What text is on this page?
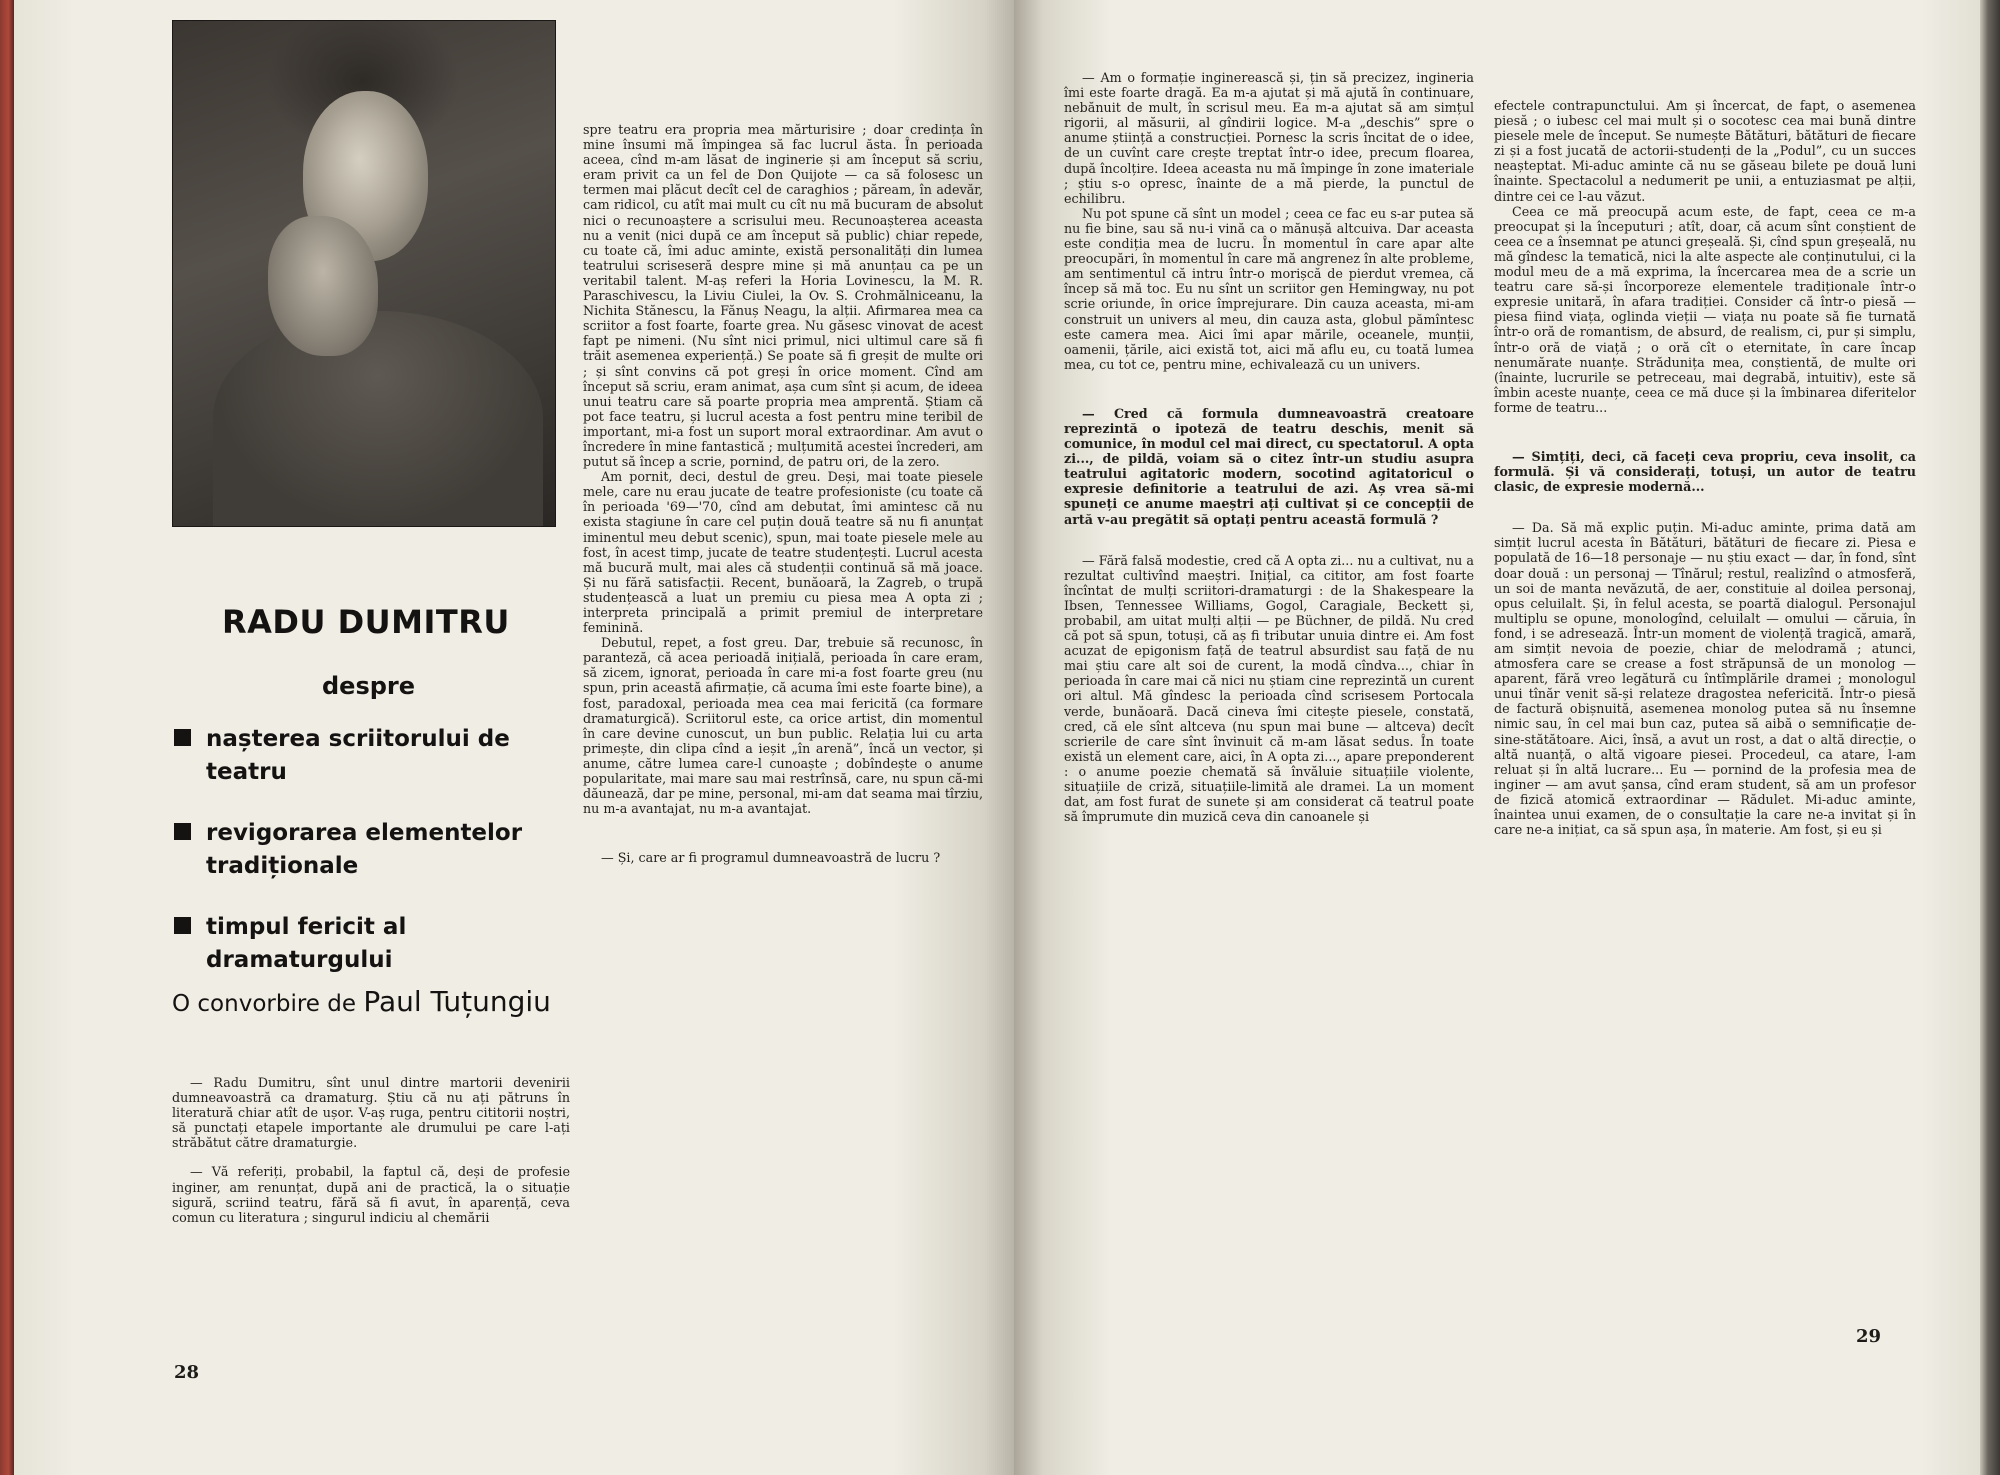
RADU DUMITRU
despre
nașterea scriitorului de teatru
revigorarea elementelor tradiționale
timpul fericit al dramaturgului
O convorbire de Paul Tuțungiu

— Radu Dumitru, sînt unul dintre martorii devenirii dumneavoastră ca dramaturg. Știu că nu ați pătruns în literatură chiar atît de ușor. V-aș ruga, pentru cititorii noștri, să punctați etapele importante ale drumului pe care l-ați străbătut către dramaturgie.

— Vă referiți, probabil, la faptul că, deși de profesie inginer, am renunțat, după ani de practică, la o situație sigură, scriind teatru, fără să fi avut, în aparență, ceva comun cu literatura ; singurul indiciu al chemării

spre teatru era propria mea mărturisire ; doar credința în mine însumi mă împingea să fac lucrul ăsta. În perioada aceea, cînd m-am lăsat de inginerie și am început să scriu, eram privit ca un fel de Don Quijote — ca să folosesc un termen mai plăcut decît cel de caraghios ; păream, în adevăr, cam ridicol, cu atît mai mult cu cît nu mă bucuram de absolut nici o recunoaștere a scrisului meu. Recunoașterea aceasta nu a venit (nici după ce am început să public) chiar repede, cu toate că, îmi aduc aminte, există personalități din lumea teatrului scriseseră despre mine și mă anunțau ca pe un veritabil talent. M-aș referi la Horia Lovinescu, la M. R. Paraschivescu, la Liviu Ciulei, la Ov. S. Crohmălniceanu, la Nichita Stănescu, la Fănuș Neagu, la alții. Afirmarea mea ca scriitor a fost foarte, foarte grea. Nu găsesc vinovat de acest fapt pe nimeni. (Nu sînt nici primul, nici ultimul care să fi trăit asemenea experiență.) Se poate să fi greșit de multe ori ; și sînt convins că pot greși în orice moment. Cînd am început să scriu, eram animat, așa cum sînt și acum, de ideea unui teatru care să poarte propria mea amprentă. Știam că pot face teatru, și lucrul acesta a fost pentru mine teribil de important, mi-a fost un suport moral extraordinar. Am avut o încredere în mine fantastică ; mulțumită acestei încrederi, am putut să încep a scrie, pornind, de patru ori, de la zero.

Am pornit, deci, destul de greu. Deși, mai toate piesele mele, care nu erau jucate de teatre profesioniste (cu toate că în perioada '69—'70, cînd am debutat, îmi amintesc că nu exista stagiune în care cel puțin două teatre să nu fi anunțat iminentul meu debut scenic), spun, mai toate piesele mele au fost, în acest timp, jucate de teatre studențești. Lucrul acesta mă bucură mult, mai ales că studenții continuă să mă joace. Și nu fără satisfacții. Recent, bunăoară, la Zagreb, o trupă studențească a luat un premiu cu piesa mea A opta zi ; interpreta principală a primit premiul de interpretare feminină.

Debutul, repet, a fost greu. Dar, trebuie să recunosc, în paranteză, că acea perioadă inițială, perioada în care eram, să zicem, ignorat, perioada în care mi-a fost foarte greu (nu spun, prin această afirmație, că acuma îmi este foarte bine), a fost, paradoxal, perioada mea cea mai fericită (ca formare dramaturgică). Scriitorul este, ca orice artist, din momentul în care devine cunoscut, un bun public. Relația lui cu arta primește, din clipa cînd a ieșit „în arenă”, încă un vector, și anume, către lumea care-l cunoaște ; dobîndește o anume popularitate, mai mare sau mai restrînsă, care, nu spun că-mi dăunează, dar pe mine, personal, mi-am dat seama mai tîrziu, nu m-a avantajat, nu m-a avantajat.

— Și, care ar fi programul dumneavoastră de lucru ?

28

— Am o formație inginerească și, țin să precizez, ingineria îmi este foarte dragă. Ea m-a ajutat și mă ajută în continuare, nebănuit de mult, în scrisul meu. Ea m-a ajutat să am simțul rigorii, al măsurii, al gîndirii logice. M-a „deschis” spre o anume știință a construcției. Pornesc la scris încitat de o idee, de un cuvînt care crește treptat într-o idee, precum floarea, după încolțire. Ideea aceasta nu mă împinge în zone imateriale ; știu s-o opresc, înainte de a mă pierde, la punctul de echilibru.

Nu pot spune că sînt un model ; ceea ce fac eu s-ar putea să nu fie bine, sau să nu-i vină ca o mănușă altcuiva. Dar aceasta este condiția mea de lucru. În momentul în care apar alte preocupări, în momentul în care mă angrenez în alte probleme, am sentimentul că intru într-o morișcă de pierdut vremea, că încep să mă toc. Eu nu sînt un scriitor gen Hemingway, nu pot scrie oriunde, în orice împrejurare. Din cauza aceasta, mi-am construit un univers al meu, din cauza asta, globul pămîntesc este camera mea. Aici îmi apar mările, oceanele, munții, oamenii, țările, aici există tot, aici mă aflu eu, cu toată lumea mea, cu tot ce, pentru mine, echivalează cu un univers.

— Cred că formula dumneavoastră creatoare reprezintă o ipoteză de teatru deschis, menit să comunice, în modul cel mai direct, cu spectatorul. A opta zi..., de pildă, voiam să o citez într-un studiu asupra teatrului agitatoric modern, socotind agitatoricul o expresie definitorie a teatrului de azi. Aș vrea să-mi spuneți ce anume maeștri ați cultivat și ce concepții de artă v-au pregătit să optați pentru această formulă ?

— Fără falsă modestie, cred că A opta zi... nu a cultivat, nu a rezultat cultivînd maeștri. Inițial, ca cititor, am fost foarte încîntat de mulți scriitori-dramaturgi : de la Shakespeare la Ibsen, Tennessee Williams, Gogol, Caragiale, Beckett și, probabil, am uitat mulți alții — pe Büchner, de pildă. Nu cred că pot să spun, totuși, că aș fi tributar unuia dintre ei. Am fost acuzat de epigonism față de teatrul absurdist sau față de nu mai știu care alt soi de curent, la modă cîndva..., chiar în perioada în care mai că nici nu știam cine reprezintă un curent ori altul. Mă gîndesc la perioada cînd scrisesem Portocala verde, bunăoară. Dacă cineva îmi citește piesele, constată, cred, că ele sînt altceva (nu spun mai bune — altceva) decît scrierile de care sînt învinuit că m-am lăsat sedus. În toate există un element care, aici, în A opta zi..., apare preponderent : o anume poezie chemată să învăluie situațiile violente, situațiile de criză, situațiile-limită ale dramei. La un moment dat, am fost furat de sunete și am considerat că teatrul poate să împrumute din muzică ceva din canoanele și

efectele contrapunctului. Am și încercat, de fapt, o asemenea piesă ; o iubesc cel mai mult și o socotesc cea mai bună dintre piesele mele de început. Se numește Bătături, bătături de fiecare zi și a fost jucată de actorii-studenți de la „Podul”, cu un succes neașteptat. Mi-aduc aminte că nu se găseau bilete pe două luni înainte. Spectacolul a nedumerit pe unii, a entuziasmat pe alții, dintre cei ce l-au văzut.

Ceea ce mă preocupă acum este, de fapt, ceea ce m-a preocupat și la începuturi ; atît, doar, că acum sînt conștient de ceea ce a însemnat pe atunci greșeală. Și, cînd spun greșeală, nu mă gîndesc la tematică, nici la alte aspecte ale conținutului, ci la modul meu de a mă exprima, la încercarea mea de a scrie un teatru care să-și încorporeze elementele tradiționale într-o expresie unitară, în afara tradiției. Consider că într-o piesă — piesa fiind viața, oglinda vieții — viața nu poate să fie turnată într-o oră de romantism, de absurd, de realism, ci, pur și simplu, într-o oră de viață ; o oră cît o eternitate, în care încap nenumărate nuanțe. Strădunița mea, conștientă, de multe ori (înainte, lucrurile se petreceau, mai degrabă, intuitiv), este să îmbin aceste nuanțe, ceea ce mă duce și la îmbinarea diferitelor forme de teatru...

— Simțiți, deci, că faceți ceva propriu, ceva insolit, ca formulă. Și vă considerați, totuși, un autor de teatru clasic, de expresie modernă...

— Da. Să mă explic puțin. Mi-aduc aminte, prima dată am simțit lucrul acesta în Bătături, bătături de fiecare zi. Piesa e populată de 16—18 personaje — nu știu exact — dar, în fond, sînt doar două : un personaj — Tînărul; restul, realizînd o atmosferă, un soi de manta nevăzută, de aer, constituie al doilea personaj, opus celuilalt. Și, în felul acesta, se poartă dialogul. Personajul multiplu se opune, monologînd, celuilalt — omului — căruia, în fond, i se adresează. Într-un moment de violență tragică, amară, am simțit nevoia de poezie, chiar de melodramă ; atunci, atmosfera care se crease a fost străpunsă de un monolog — aparent, fără vreo legătură cu întîmplările dramei ; monologul unui tînăr venit să-și relateze dragostea nefericită. Într-o piesă de factură obișnuită, asemenea monolog putea să nu însemne nimic sau, în cel mai bun caz, putea să aibă o semnificație de-sine-stătătoare. Aici, însă, a avut un rost, a dat o altă direcție, o altă nuanță, o altă vigoare piesei. Procedeul, ca atare, l-am reluat și în altă lucrare... Eu — pornind de la profesia mea de inginer — am avut șansa, cînd eram student, să am un profesor de fizică atomică extraordinar — Rădulet. Mi-aduc aminte, înaintea unui examen, de o consultație la care ne-a invitat și în care ne-a inițiat, ca să spun așa, în materie. Am fost, și eu și

29
